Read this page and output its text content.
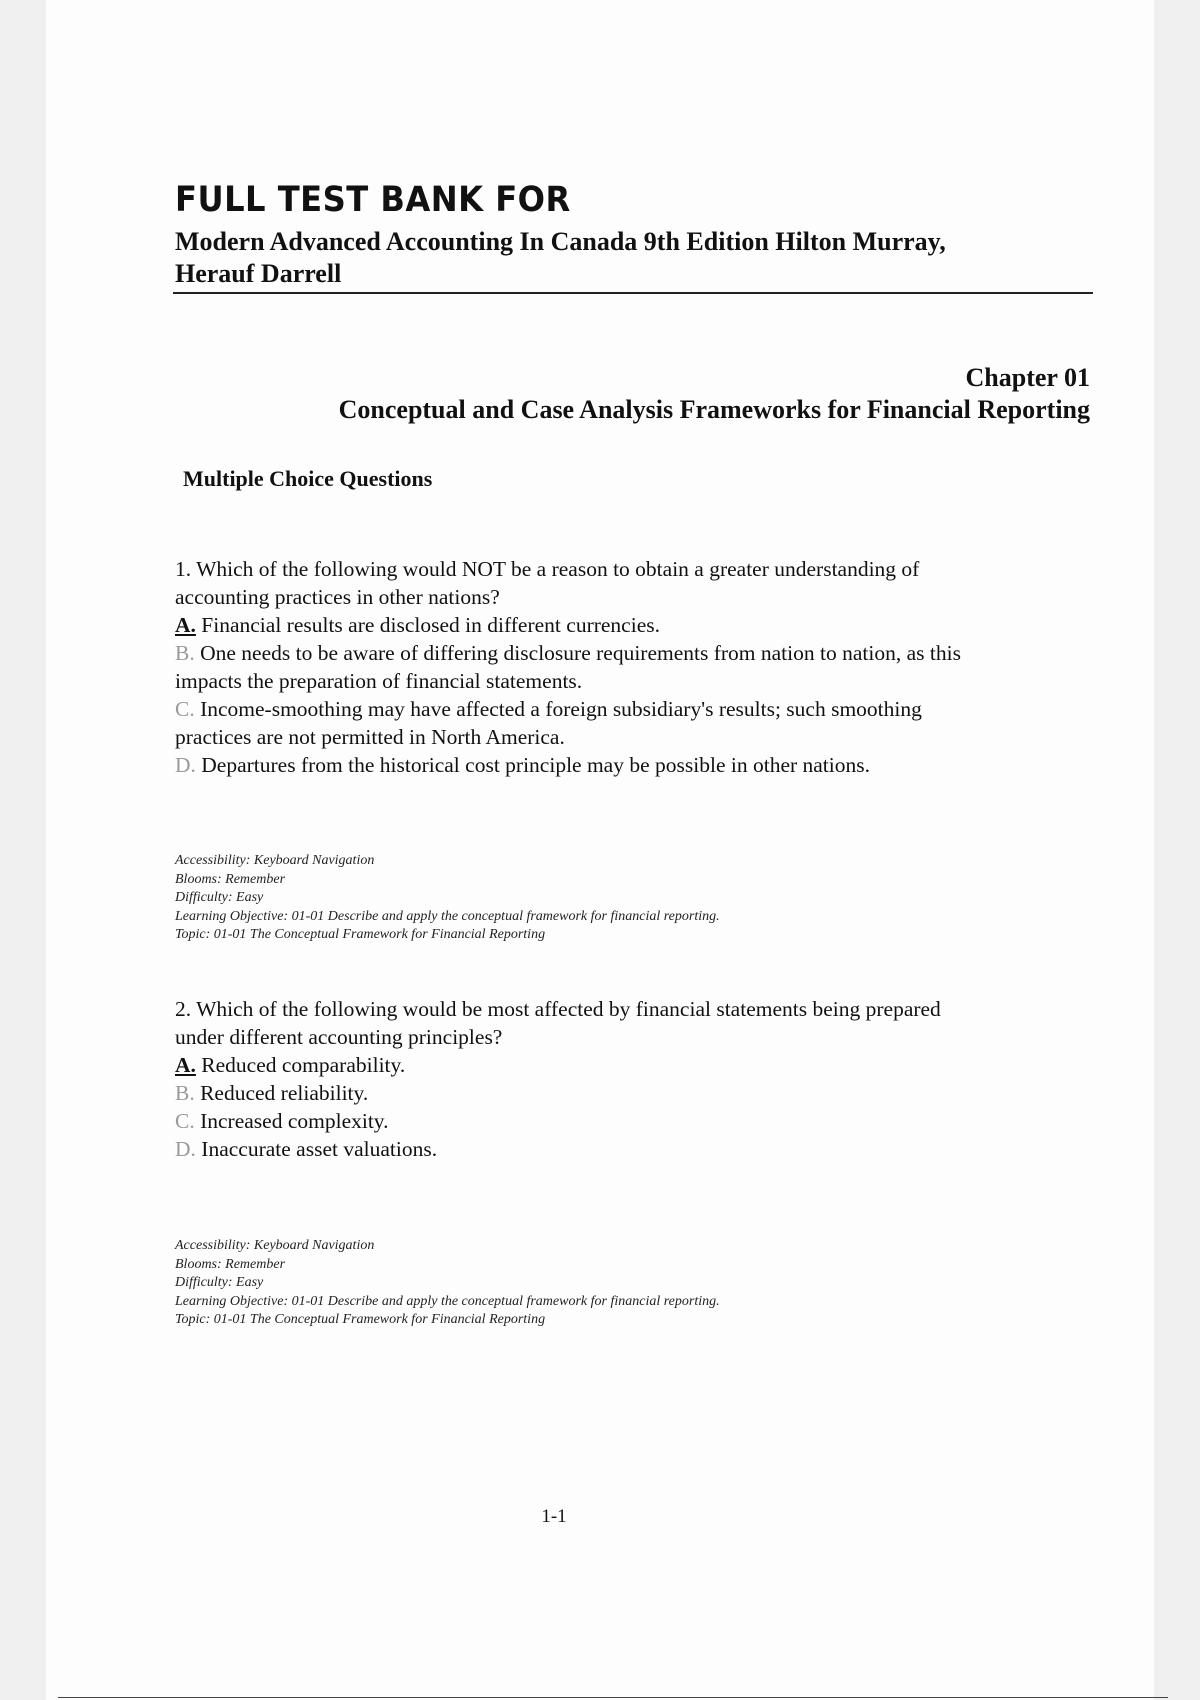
FULL TEST BANK FOR
Modern Advanced Accounting In Canada 9th Edition Hilton Murray,
Herauf Darrell
Chapter 01
Conceptual and Case Analysis Frameworks for Financial Reporting
Multiple Choice Questions
1. Which of the following would NOT be a reason to obtain a greater understanding of
accounting practices in other nations?
A. Financial results are disclosed in different currencies.
B. One needs to be aware of differing disclosure requirements from nation to nation, as this
impacts the preparation of financial statements.
C. Income-smoothing may have affected a foreign subsidiary's results; such smoothing
practices are not permitted in North America.
D. Departures from the historical cost principle may be possible in other nations.
Accessibility: Keyboard Navigation
Blooms: Remember
Difficulty: Easy
Learning Objective: 01-01 Describe and apply the conceptual framework for financial reporting.
Topic: 01-01 The Conceptual Framework for Financial Reporting
2. Which of the following would be most affected by financial statements being prepared
under different accounting principles?
A. Reduced comparability.
B. Reduced reliability.
C. Increased complexity.
D. Inaccurate asset valuations.
Accessibility: Keyboard Navigation
Blooms: Remember
Difficulty: Easy
Learning Objective: 01-01 Describe and apply the conceptual framework for financial reporting.
Topic: 01-01 The Conceptual Framework for Financial Reporting
1-1
